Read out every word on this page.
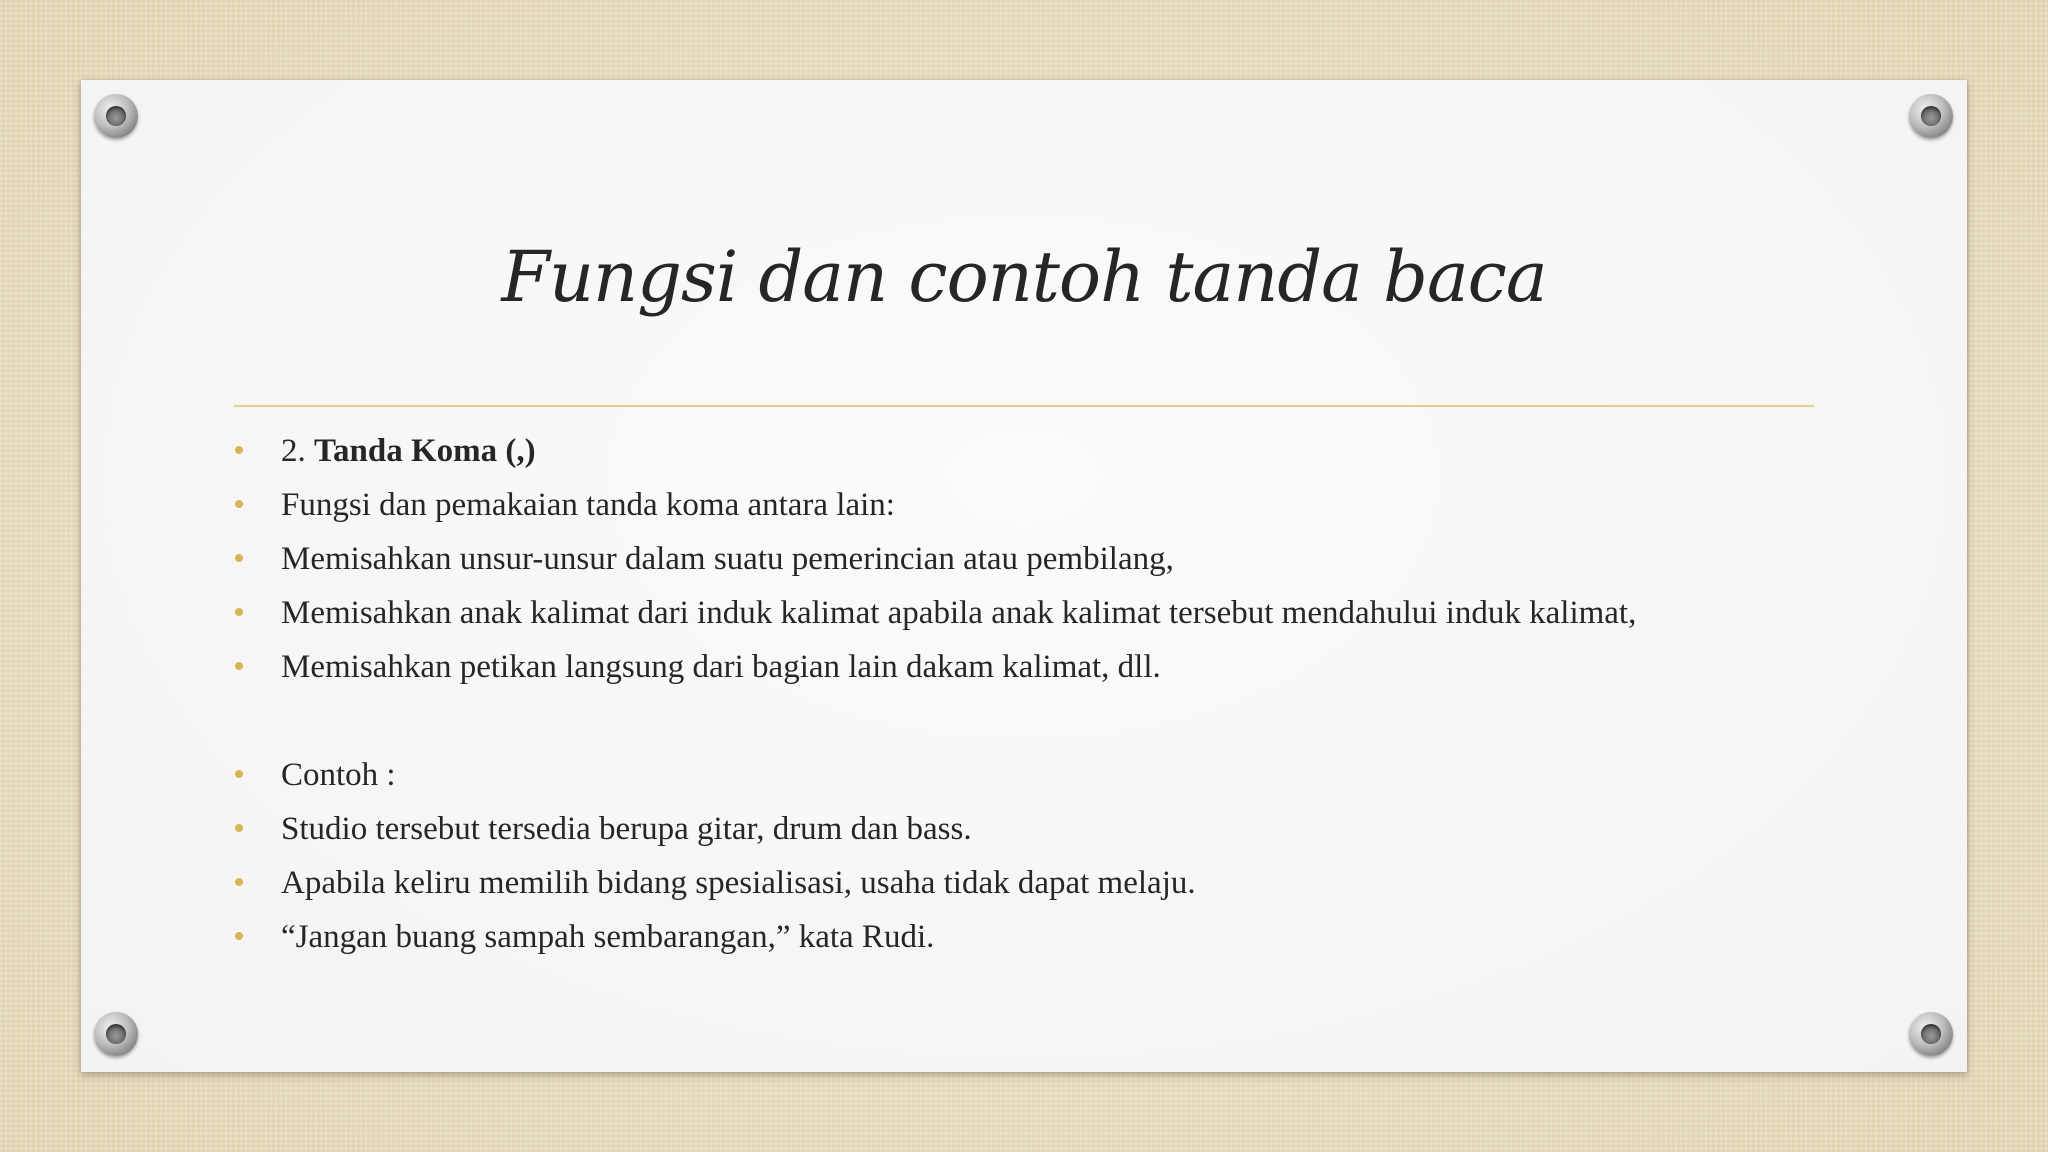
Fungsi dan contoh tanda baca
2. Tanda Koma (,)
Fungsi dan pemakaian tanda koma antara lain:
Memisahkan unsur-unsur dalam suatu pemerincian atau pembilang,
Memisahkan anak kalimat dari induk kalimat apabila anak kalimat tersebut mendahului induk kalimat,
Memisahkan petikan langsung dari bagian lain dakam kalimat, dll.
Contoh :
Studio tersebut tersedia berupa gitar, drum dan bass.
Apabila keliru memilih bidang spesialisasi, usaha tidak dapat melaju.
“Jangan buang sampah sembarangan,” kata Rudi.
